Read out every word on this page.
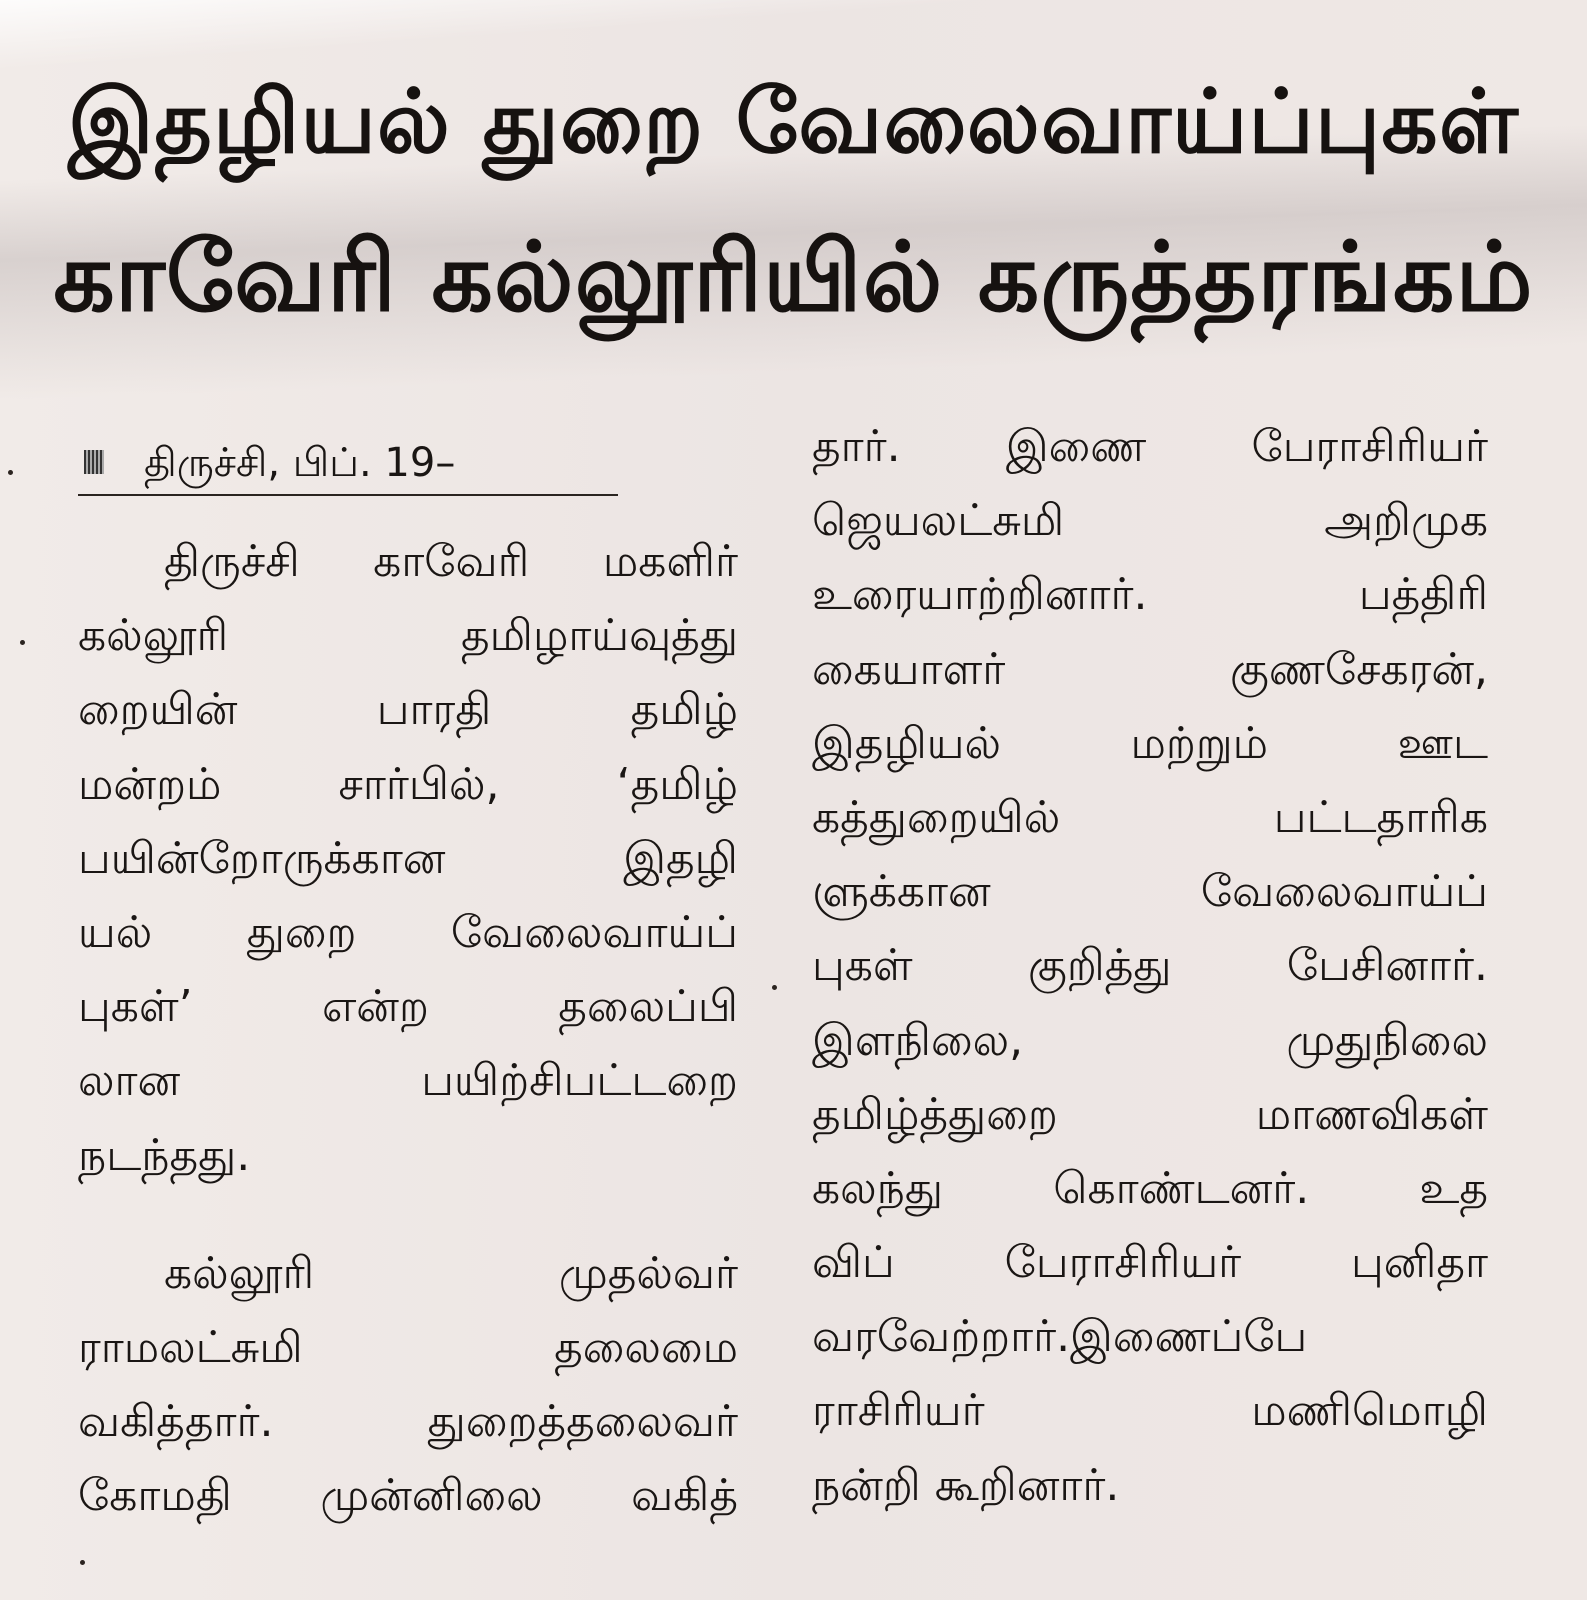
இதழியல் துறை வேலைவாய்ப்புகள்
காவேரி கல்லூரியில் கருத்தரங்கம்
திருச்சி, பிப். 19–
திருச்சி காவேரி மகளிர்
கல்லூரி தமிழாய்வுத்து
றையின் பாரதி தமிழ்
மன்றம் சார்பில், ‘தமிழ்
பயின்றோருக்கான இதழி
யல் துறை வேலைவாய்ப்
புகள்’ என்ற தலைப்பி
லான பயிற்சிபட்டறை
நடந்தது.
கல்லூரி முதல்வர்
ராமலட்சுமி தலைமை
வகித்தார். துறைத்தலைவர்
கோமதி முன்னிலை வகித்
தார். இணை பேராசிரியர்
ஜெயலட்சுமி அறிமுக
உரையாற்றினார். பத்திரி
கையாளர் குணசேகரன்,
இதழியல் மற்றும் ஊட
கத்துறையில் பட்டதாரிக
ளுக்கான வேலைவாய்ப்
புகள் குறித்து பேசினார்.
இளநிலை, முதுநிலை
தமிழ்த்துறை மாணவிகள்
கலந்து கொண்டனர். உத
விப் பேராசிரியர் புனிதா
வரவேற்றார்.இணைப்பே
ராசிரியர் மணிமொழி
நன்றி கூறினார்.
